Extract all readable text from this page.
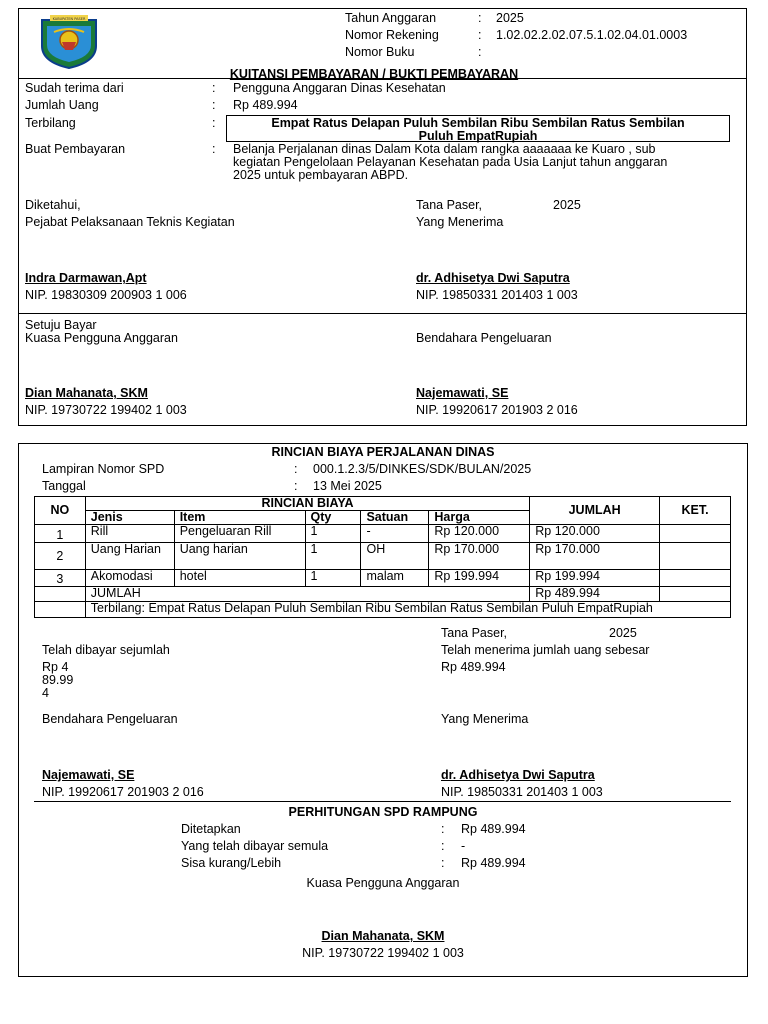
KABUPATEN PASER	Tahun Anggaran	: 2025
Nomor Rekening	: 1.02.02.2.02.07.5.1.02.04.01.0003
Nomor Buku	:
KUITANSI PEMBAYARAN / BUKTI PEMBAYARAN
Sudah terima dari	: Pengguna Anggaran Dinas Kesehatan
Jumlah Uang	: Rp 489.994
Terbilang	:	Empat Ratus Delapan Puluh Sembilan Ribu Sembilan Ratus Sembilan
Puluh EmpatRupiah
Buat Pembayaran	: Belanja Perjalanan dinas Dalam Kota dalam rangka aaaaaaa ke Kuaro , sub
kegiatan Pengelolaan Pelayanan Kesehatan pada Usia Lanjut tahun anggaran
2025 untuk pembayaran ABPD.
Diketahui,	Tana Paser,	2025
Pejabat Pelaksanaan Teknis Kegiatan	Yang Menerima
Indra Darmawan,Apt	dr. Adhisetya Dwi Saputra
NIP. 19830309 200903 1 006	NIP. 19850331 201403 1 003
Setuju Bayar
Kuasa Pengguna Anggaran	Bendahara Pengeluaran
Dian Mahanata, SKM	Najemawati, SE
NIP. 19730722 199402 1 003	NIP. 19920617 201903 2 016
RINCIAN BIAYA PERJALANAN DINAS
Lampiran Nomor SPD	: 000.1.2.3/5/DINKES/SDK/BULAN/2025
Tanggal	: 13 Mei 2025
NO	RINCIAN BIAYA					JUMLAH	KET.
	Jenis	Item	Qty	Satuan	Harga		
1	Rill	Pengeluaran Rill	1	-	Rp 120.000	Rp 120.000	
2	Uang Harian	Uang harian	1	OH	Rp 170.000	Rp 170.000	
3	Akomodasi	hotel	1	malam	Rp 199.994	Rp 199.994	
	JUMLAH					Rp 489.994	
	Terbilang: Empat Ratus Delapan Puluh Sembilan Ribu Sembilan Ratus Sembilan Puluh EmpatRupiah						
Tana Paser,	2025
Telah dibayar sejumlah	Telah menerima jumlah uang sebesar
Rp 4
89.99
4
Rp 489.994
Bendahara Pengeluaran	Yang Menerima
Najemawati, SE	dr. Adhisetya Dwi Saputra
NIP. 19920617 201903 2 016	NIP. 19850331 201403 1 003
PERHITUNGAN SPD RAMPUNG
Ditetapkan	: Rp 489.994
Yang telah dibayar semula	: -
Sisa kurang/Lebih	: Rp 489.994
Kuasa Pengguna Anggaran
Dian Mahanata, SKM
NIP. 19730722 199402 1 003
